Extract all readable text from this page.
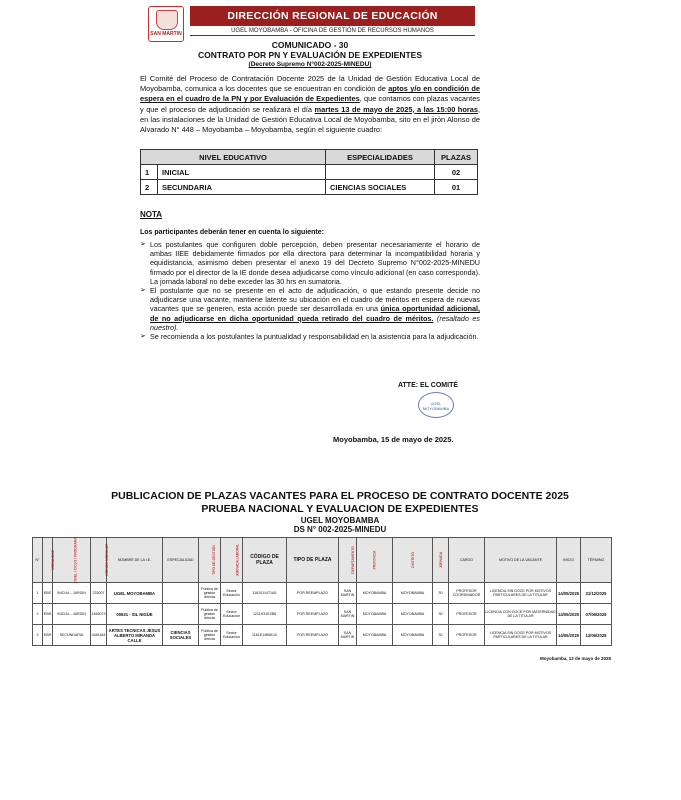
SAN MARTIN
DIRECCIÓN REGIONAL DE EDUCACIÓN
UGEL MOYOBAMBA - OFICINA DE GESTIÓN DE RECURSOS HUMANOS
COMUNICADO - 30
CONTRATO POR PN Y EVALUACIÓN DE EXPEDIENTES
(Decreto Supremo N°002-2025-MINEDU)
El Comité del Proceso de Contratación Docente 2025 de la Unidad de Gestión Educativa Local de Moyobamba, comunica a los docentes que se encuentran en condición de aptos y/o en condición de espera en el cuadro de la PN y por Evaluación de Expedientes, que contamos con plazas vacantes y que el proceso de adjudicación se realizará el día martes 13 de mayo de 2025, a las 15:00 horas, en las instalaciones de la Unidad de Gestión Educativa Local de Moyobamba, sito en el jirón Alonso de Alvarado N° 448 – Moyobamba – Moyobamba, según el siguiente cuadro:
NIVEL EDUCATIVO		ESPECIALIDADES	PLAZAS
1	INICIAL		02
2	SECUNDARIA	CIENCIAS SOCIALES	01
NOTA
Los participantes deberán tener en cuenta lo siguiente:
➢ Los postulantes que configuren doble percepción, deben presentar necesariamente el horario de ambas IIEE debidamente firmados por ella directora para determinar la incompatibilidad horaria y equidistancia, asimismo deben presentar el anexo 19 del Decreto Supremo N°002-2025-MINEDU firmado por el director de la IE donde desea adjudicarse como vínculo adicional (en caso corresponda). La jornada laboral no debe exceder las 30 hrs en sumatoria.
➢ El postulante que no se presente en el acto de adjudicación, o que estando presente decide no adjudicarse una vacante, mantiene latente su ubicación en el cuadro de méritos en espera de nuevas vacantes que se generen, esta acción puede ser desarrollada en una única oportunidad adicional, de no adjudicarse en dicha oportunidad queda retirado del cuadro de méritos. (resaltado es nuestro).
➢ Se recomienda a los postulantes la puntualidad y responsabilidad en la asistencia para la adjudicación.
ATTE: EL COMITÉ
UGEL MOYOBAMBA
Moyobamba, 15 de mayo de 2025.
PUBLICACION DE PLAZAS VACANTES PARA EL PROCESO DE CONTRATO DOCENTE 2025
PRUEBA NACIONAL Y EVALUACION DE EXPEDIENTES
UGEL MOYOBAMBA
DS N° 002-2025-MINEDU
N°	MODALIDAD	NIVEL / CICLO / PROGRAMA	CÓDIGO MODULAR	NOMBRE DE LA I.E.	ESPECIALIDAD	TIPO DE GESTIÓN	JORNADA LABORAL	CÓDIGO DE PLAZA	TIPO DE PLAZA	DEPARTAMENTO	PROVINCIA	DISTRITO	JORNADA	CARGO	MOTIVO DE LA VACANTE	INICIO	TÉRMINO
1	EBE	INICIAL - JARDIN	233007	UGEL MOYOBAMBA		Pública de gestión directa	Sector Educación	1161011471A5	POR REEMPLAZO	SAN MARTIN	MOYOBAMBA	MOYOBAMBA	30	PROFESOR COORDINADOR	LICENCIA SIN GOCE POR MOTIVOS PARTICULARES DE LA TITULAR	14/05/2025	31/12/2025
2	EBR	INICIAL - JARDIN	1465073	00631 - SIL NIGÜE		Pública de gestión directa	Sector Educación	1211H31E2B8	POR REEMPLAZO	SAN MARTIN	MOYOBAMBA	MOYOBAMBA	30	PROFESOR	LICENCIA CON GOCE POR MATERNIDAD DE LA TITULAR	14/05/2025	07/06/2025
3	EBR	SECUNDARIA	0481184	ARTES TECNICAS JESUS ALBERTO MIRANDA CALLE	CIENCIAS SOCIALES	Pública de gestión directa	Sector Educación	1161E14B6E10	POR REEMPLAZO	SAN MARTIN	MOYOBAMBA	MOYOBAMBA	30	PROFESOR	LICENCIA SIN GOCE POR MOTIVOS PARTICULARES DE LA TITULAR	14/05/2025	12/06/2025
Moyobamba, 12 de mayo de 2025
